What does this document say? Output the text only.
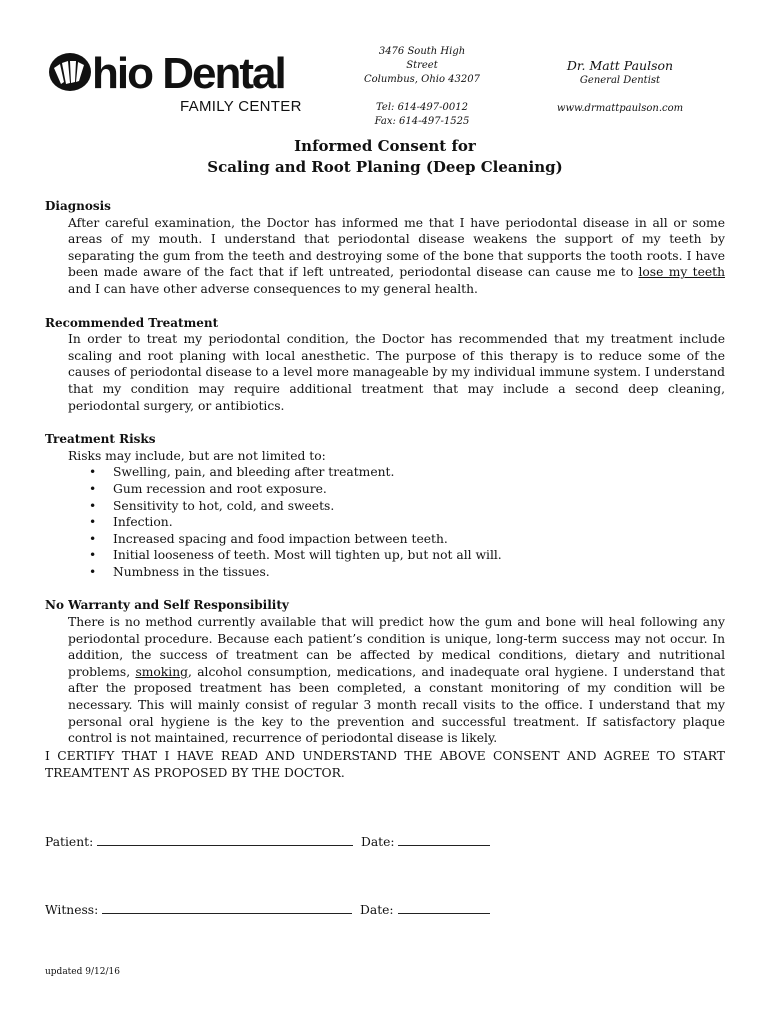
hio Dental
FAMILY CENTER
3476 South High Street
Columbus, Ohio 43207
Tel: 614-497-0012
Fax: 614-497-1525
Dr. Matt Paulson
General Dentist
www.drmattpaulson.com
Informed Consent for
Scaling and Root Planing (Deep Cleaning)
Diagnosis
After careful examination, the Doctor has informed me that I have periodontal disease in all or some areas of my mouth. I understand that periodontal disease weakens the support of my teeth by separating the gum from the teeth and destroying some of the bone that supports the tooth roots. I have been made aware of the fact that if left untreated, periodontal disease can cause me to lose my teeth and I can have other adverse consequences to my general health.
Recommended Treatment
In order to treat my periodontal condition, the Doctor has recommended that my treatment include scaling and root planing with local anesthetic. The purpose of this therapy is to reduce some of the causes of periodontal disease to a level more manageable by my individual immune system. I understand that my condition may require additional treatment that may include a second deep cleaning, periodontal surgery, or antibiotics.
Treatment Risks
Risks may include, but are not limited to:
• Swelling, pain, and bleeding after treatment.
• Gum recession and root exposure.
• Sensitivity to hot, cold, and sweets.
• Infection.
• Increased spacing and food impaction between teeth.
• Initial looseness of teeth. Most will tighten up, but not all will.
• Numbness in the tissues.
No Warranty and Self Responsibility
There is no method currently available that will predict how the gum and bone will heal following any periodontal procedure. Because each patient’s condition is unique, long-term success may not occur. In addition, the success of treatment can be affected by medical conditions, dietary and nutritional problems, smoking, alcohol consumption, medications, and inadequate oral hygiene. I understand that after the proposed treatment has been completed, a constant monitoring of my condition will be necessary. This will mainly consist of regular 3 month recall visits to the office. I understand that my personal oral hygiene is the key to the prevention and successful treatment. If satisfactory plaque control is not maintained, recurrence of periodontal disease is likely.
I CERTIFY THAT I HAVE READ AND UNDERSTAND THE ABOVE CONSENT AND AGREE TO START TREAMTENT AS PROPOSED BY THE DOCTOR.
Patient:	Date:
Witness:	Date:
updated 9/12/16
